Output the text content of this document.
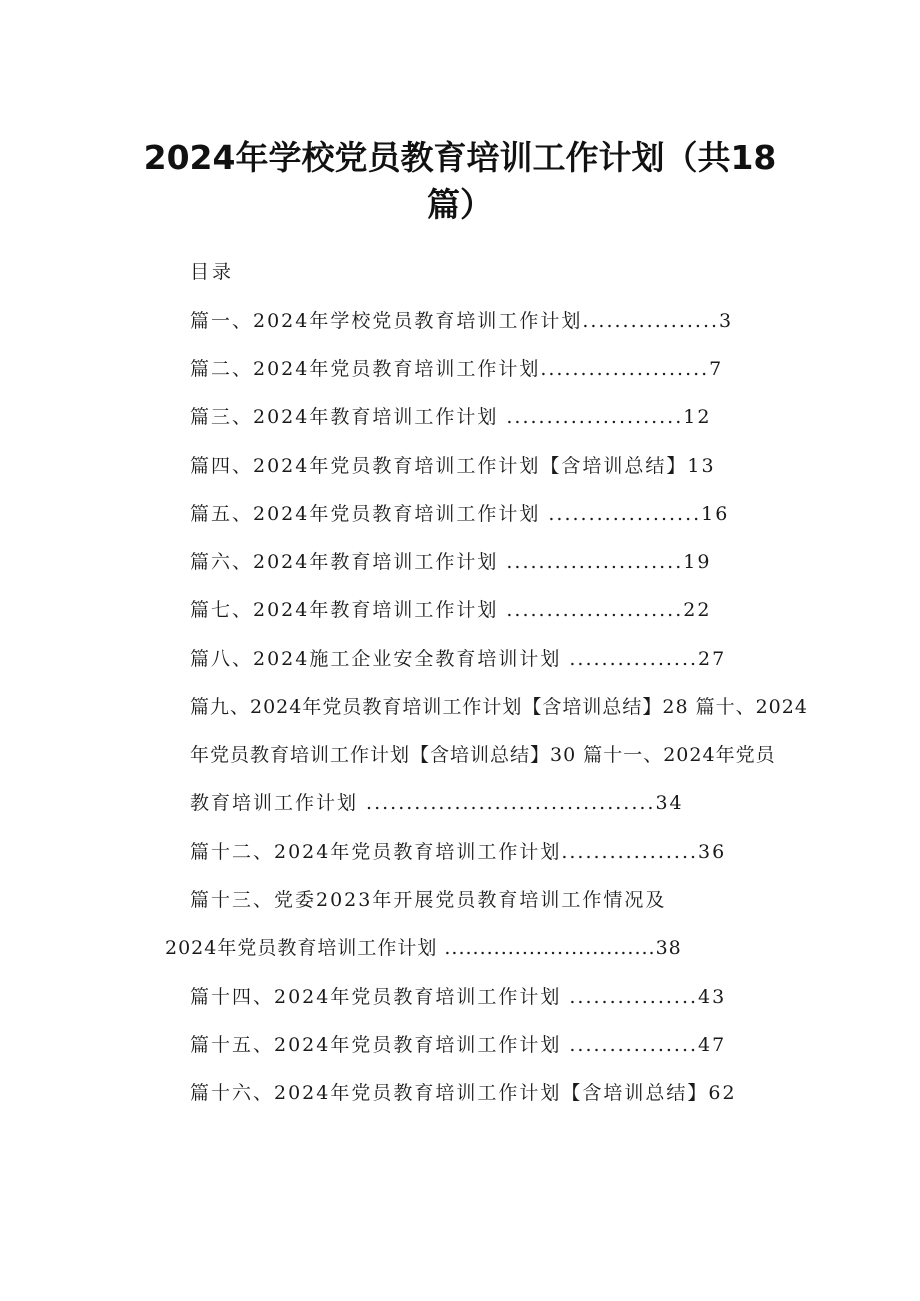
2024年学校党员教育培训工作计划（共18
篇）
目录
篇一、2024年学校党员教育培训工作计划.................3
篇二、2024年党员教育培训工作计划.....................7
篇三、2024年教育培训工作计划 ......................12
篇四、2024年党员教育培训工作计划【含培训总结】13
篇五、2024年党员教育培训工作计划 ...................16
篇六、2024年教育培训工作计划 ......................19
篇七、2024年教育培训工作计划 ......................22
篇八、2024施工企业安全教育培训计划 ................27
篇九、2024年党员教育培训工作计划【含培训总结】28 篇十、2024
年党员教育培训工作计划【含培训总结】30 篇十一、2024年党员
教育培训工作计划 ....................................34
篇十二、2024年党员教育培训工作计划.................36
篇十三、党委2023年开展党员教育培训工作情况及
2024年党员教育培训工作计划 ..............................38
篇十四、2024年党员教育培训工作计划 ................43
篇十五、2024年党员教育培训工作计划 ................47
篇十六、2024年党员教育培训工作计划【含培训总结】62
